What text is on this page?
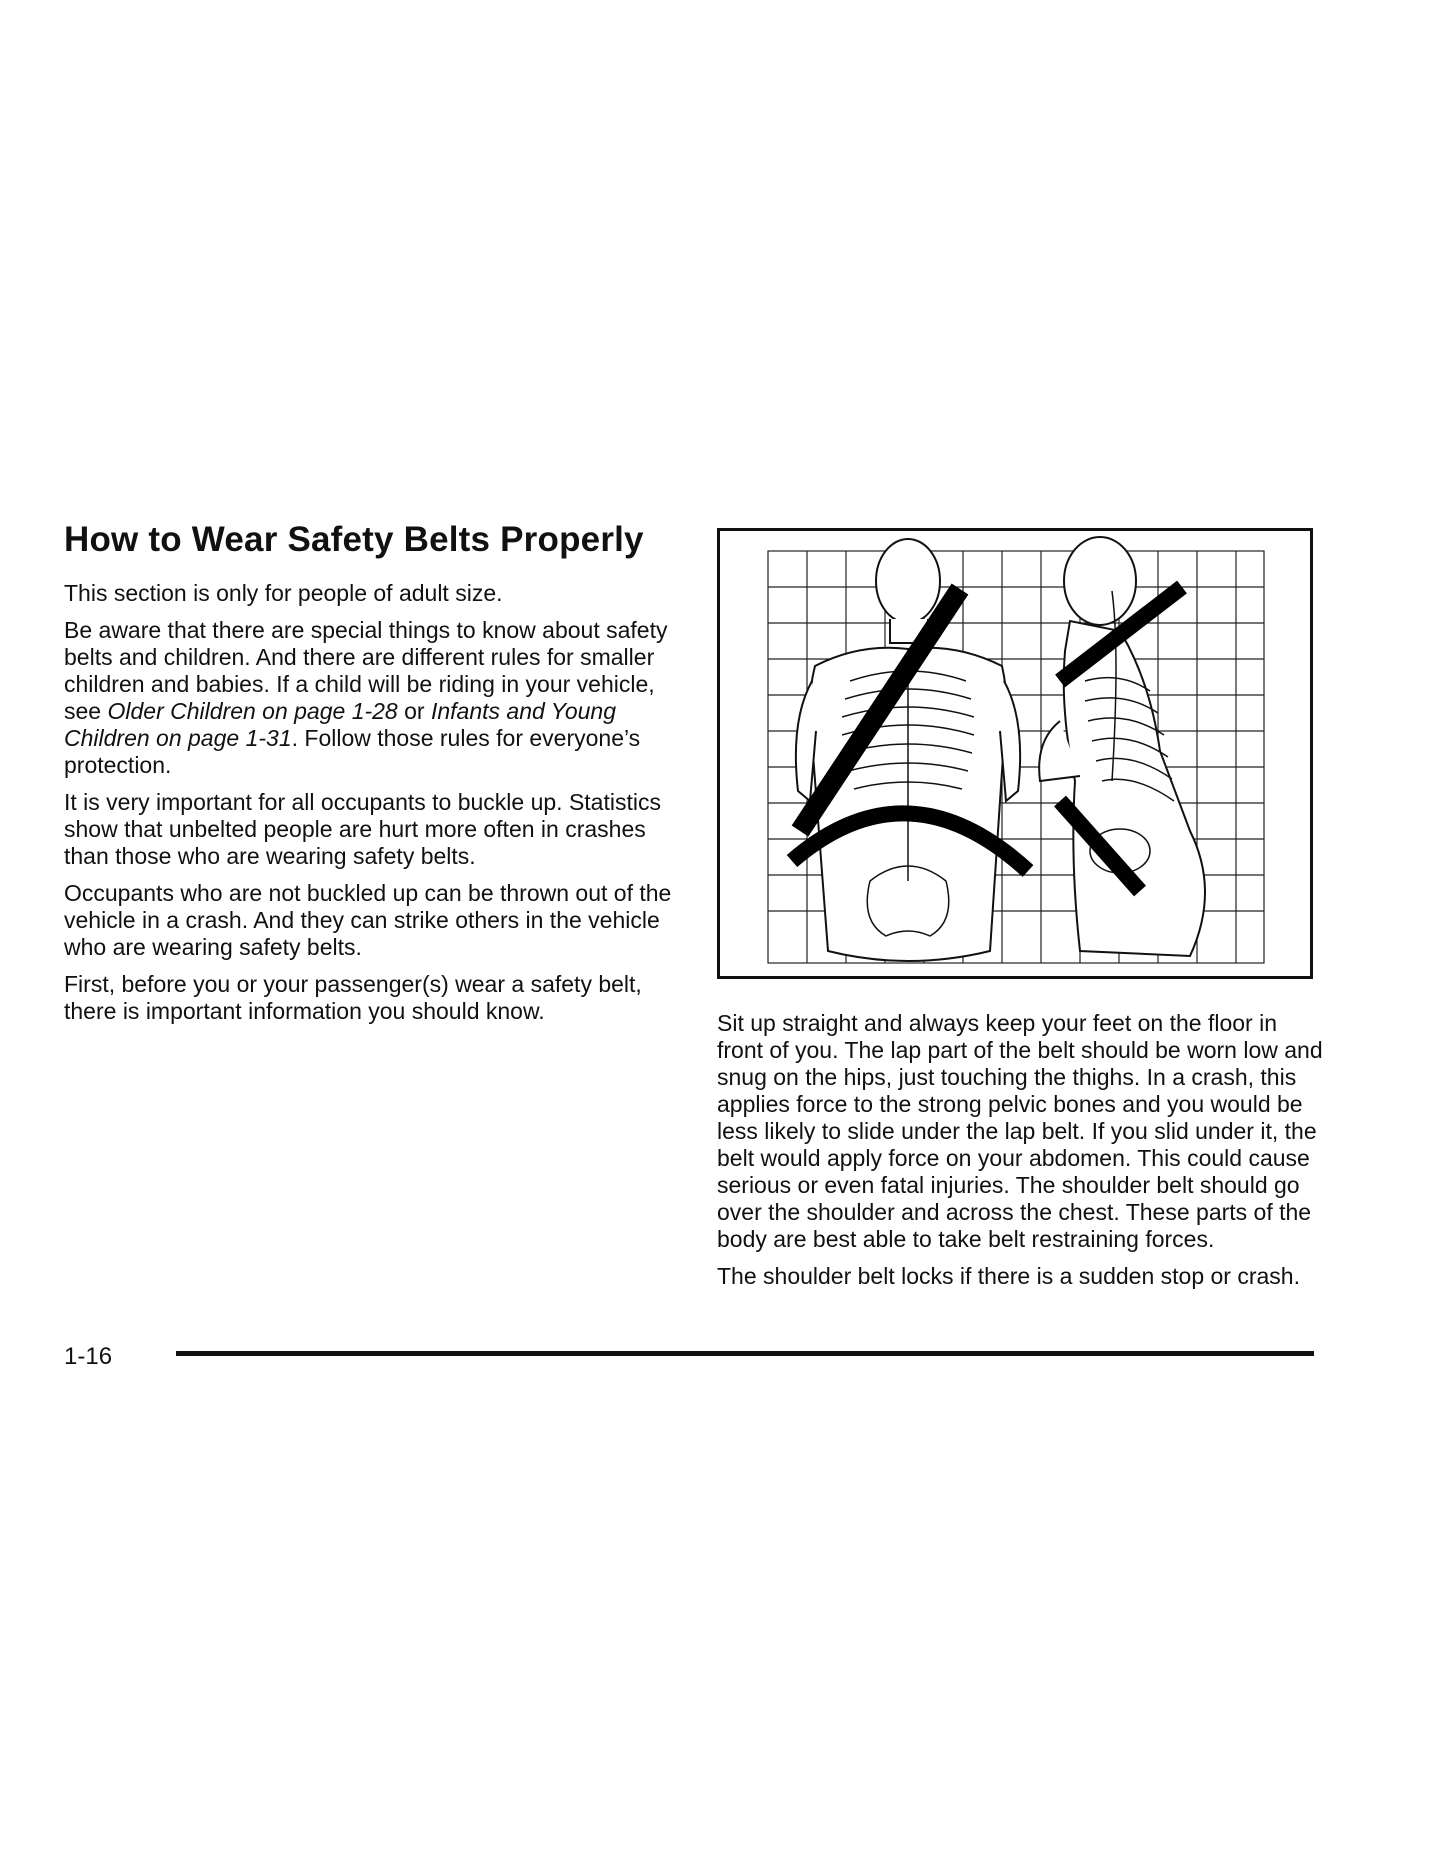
How to Wear Safety Belts Properly

This section is only for people of adult size.

Be aware that there are special things to know about safety belts and children. And there are different rules for smaller children and babies. If a child will be riding in your vehicle, see Older Children on page 1-28 or Infants and Young Children on page 1-31. Follow those rules for everyone’s protection.

It is very important for all occupants to buckle up. Statistics show that unbelted people are hurt more often in crashes than those who are wearing safety belts.

Occupants who are not buckled up can be thrown out of the vehicle in a crash. And they can strike others in the vehicle who are wearing safety belts.

First, before you or your passenger(s) wear a safety belt, there is important information you should know.	Sit up straight and always keep your feet on the floor in front of you. The lap part of the belt should be worn low and snug on the hips, just touching the thighs. In a crash, this applies force to the strong pelvic bones and you would be less likely to slide under the lap belt. If you slid under it, the belt would apply force on your abdomen. This could cause serious or even fatal injuries. The shoulder belt should go over the shoulder and across the chest. These parts of the body are best able to take belt restraining forces.

The shoulder belt locks if there is a sudden stop or crash.

1-16
